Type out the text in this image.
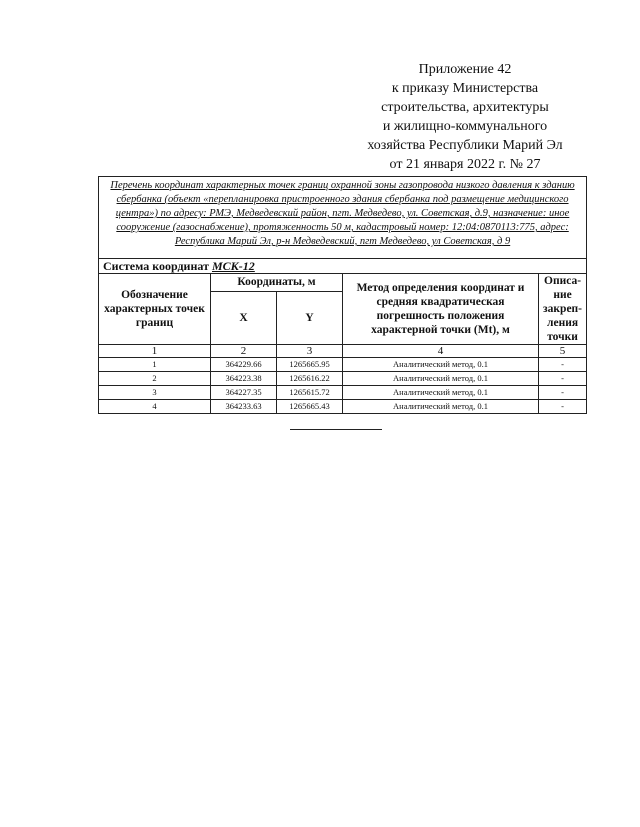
Приложение 42
к приказу Министерства
строительства, архитектуры
и жилищно-коммунального
хозяйства Республики Марий Эл
от 21 января 2022 г. № 27
Перечень координат характерных точек границ охранной зоны газопровода низкого давления к зданию сбербанка (объект «перепланировка пристроенного здания сбербанка под размещение медицинского центра») по адресу: РМЭ, Медведевский район, пгт. Медведево, ул. Советская, д.9, назначение: иное сооружение (газоснабжение), протяженность 50 м, кадастровый номер: 12:04:0870113:775, адрес: Республика Марий Эл, р-н Медведевский, пгт Медведево, ул Советская, д 9				
Система координат МСК-12				
Обозначение характерных точек границ	Координаты, м		Метод определения координат и средняя квадратическая погрешность положения характерной точки (Mt), м	Описа-ние закреп-ления точки
	X	Y		
1	2	3	4	5
1	364229.66	1265665.95	Аналитический метод, 0.1	-
2	364223.38	1265616.22	Аналитический метод, 0.1	-
3	364227.35	1265615.72	Аналитический метод, 0.1	-
4	364233.63	1265665.43	Аналитический метод, 0.1	-
